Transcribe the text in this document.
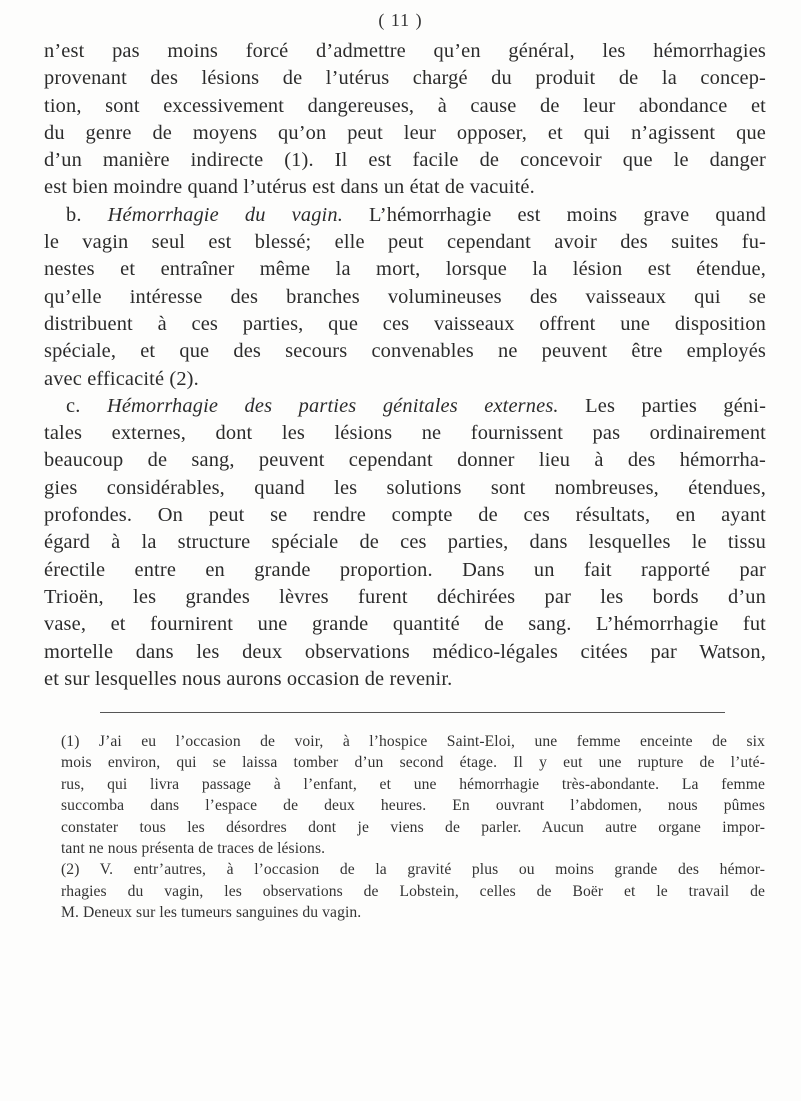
( 11 )
n’est pas moins forcé d’admettre qu’en général, les hémorrhagies
provenant des lésions de l’utérus chargé du produit de la concep-
tion, sont excessivement dangereuses, à cause de leur abondance et
du genre de moyens qu’on peut leur opposer, et qui n’agissent que
d’un manière indirecte (1). Il est facile de concevoir que le danger
est bien moindre quand l’utérus est dans un état de vacuité.
b. Hémorrhagie du vagin. L’hémorrhagie est moins grave quand
le vagin seul est blessé; elle peut cependant avoir des suites fu-
nestes et entraîner même la mort, lorsque la lésion est étendue,
qu’elle intéresse des branches volumineuses des vaisseaux qui se
distribuent à ces parties, que ces vaisseaux offrent une disposition
spéciale, et que des secours convenables ne peuvent être employés
avec efficacité (2).
c. Hémorrhagie des parties génitales externes. Les parties géni-
tales externes, dont les lésions ne fournissent pas ordinairement
beaucoup de sang, peuvent cependant donner lieu à des hémorrha-
gies considérables, quand les solutions sont nombreuses, étendues,
profondes. On peut se rendre compte de ces résultats, en ayant
égard à la structure spéciale de ces parties, dans lesquelles le tissu
érectile entre en grande proportion. Dans un fait rapporté par
Trioën, les grandes lèvres furent déchirées par les bords d’un
vase, et fournirent une grande quantité de sang. L’hémorrhagie fut
mortelle dans les deux observations médico-légales citées par Watson,
et sur lesquelles nous aurons occasion de revenir.
(1) J’ai eu l’occasion de voir, à l’hospice Saint-Eloi, une femme enceinte de six
mois environ, qui se laissa tomber d’un second étage. Il y eut une rupture de l’uté-
rus, qui livra passage à l’enfant, et une hémorrhagie très-abondante. La femme
succomba dans l’espace de deux heures. En ouvrant l’abdomen, nous pûmes
constater tous les désordres dont je viens de parler. Aucun autre organe impor-
tant ne nous présenta de traces de lésions.
(2) V. entr’autres, à l’occasion de la gravité plus ou moins grande des hémor-
rhagies du vagin, les observations de Lobstein, celles de Boër et le travail de
M. Deneux sur les tumeurs sanguines du vagin.
